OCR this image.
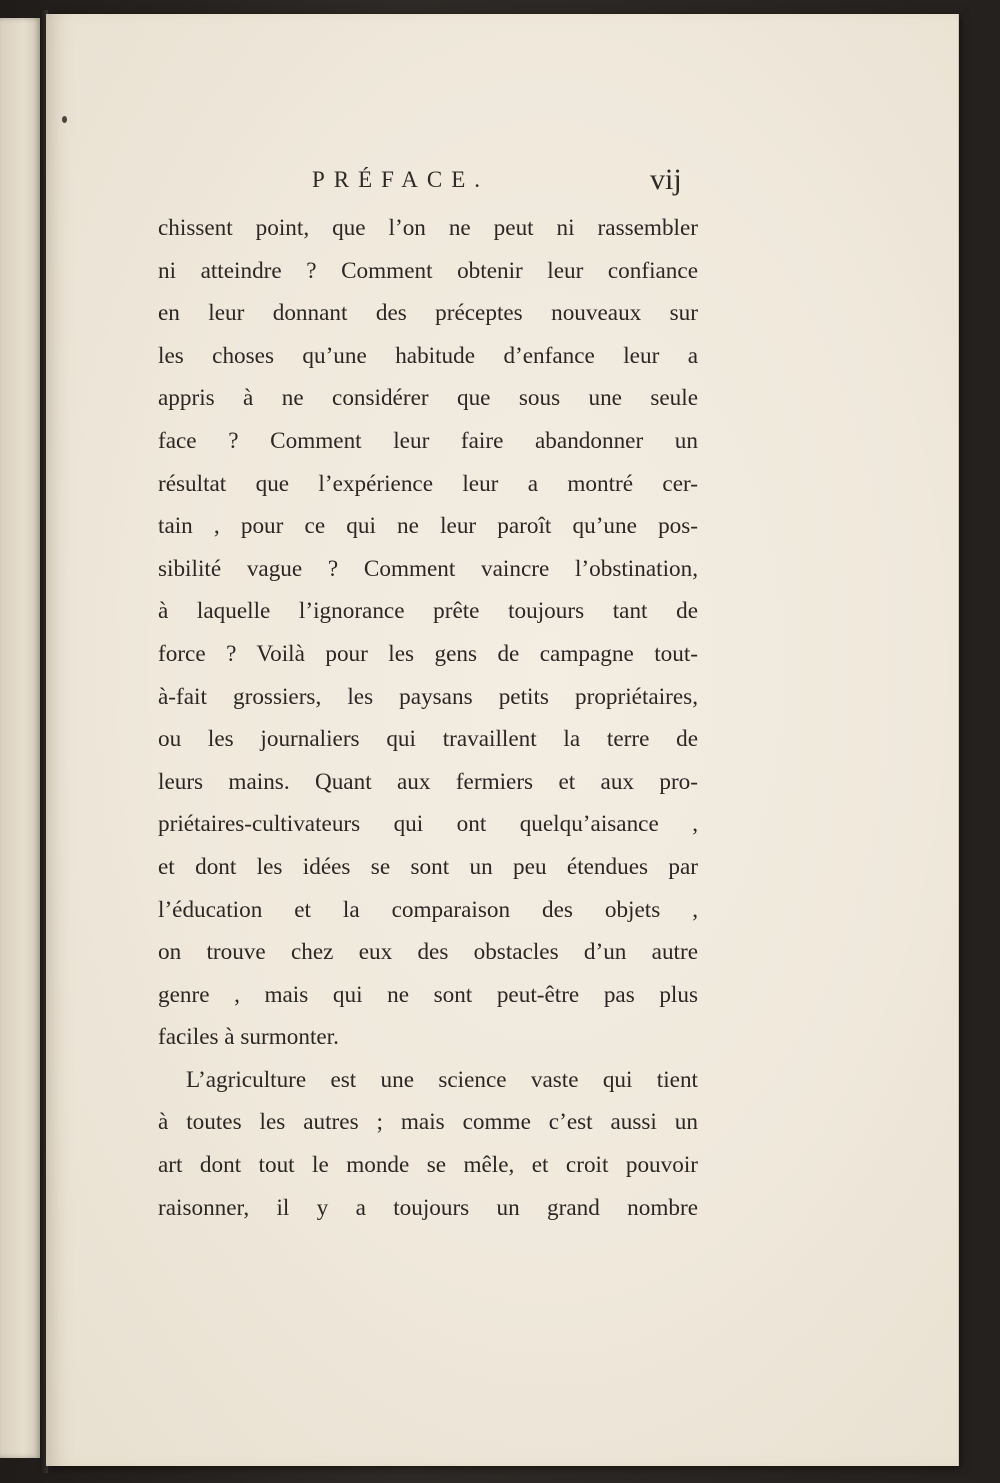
PRÉFACE.	vij
chissent point, que l’on ne peut ni rassembler
ni atteindre ? Comment obtenir leur confiance
en leur donnant des préceptes nouveaux sur
les choses qu’une habitude d’enfance leur a
appris à ne considérer que sous une seule
face ? Comment leur faire abandonner un
résultat que l’expérience leur a montré cer-
tain , pour ce qui ne leur paroît qu’une pos-
sibilité vague ? Comment vaincre l’obstination,
à laquelle l’ignorance prête toujours tant de
force ? Voilà pour les gens de campagne tout-
à-fait grossiers, les paysans petits propriétaires,
ou les journaliers qui travaillent la terre de
leurs mains. Quant aux fermiers et aux pro-
priétaires-cultivateurs qui ont quelqu’aisance ,
et dont les idées se sont un peu étendues par
l’éducation et la comparaison des objets ,
on trouve chez eux des obstacles d’un autre
genre , mais qui ne sont peut-être pas plus
faciles à surmonter.
L’agriculture est une science vaste qui tient
à toutes les autres ; mais comme c’est aussi un
art dont tout le monde se mêle, et croit pouvoir
raisonner, il y a toujours un grand nombre
